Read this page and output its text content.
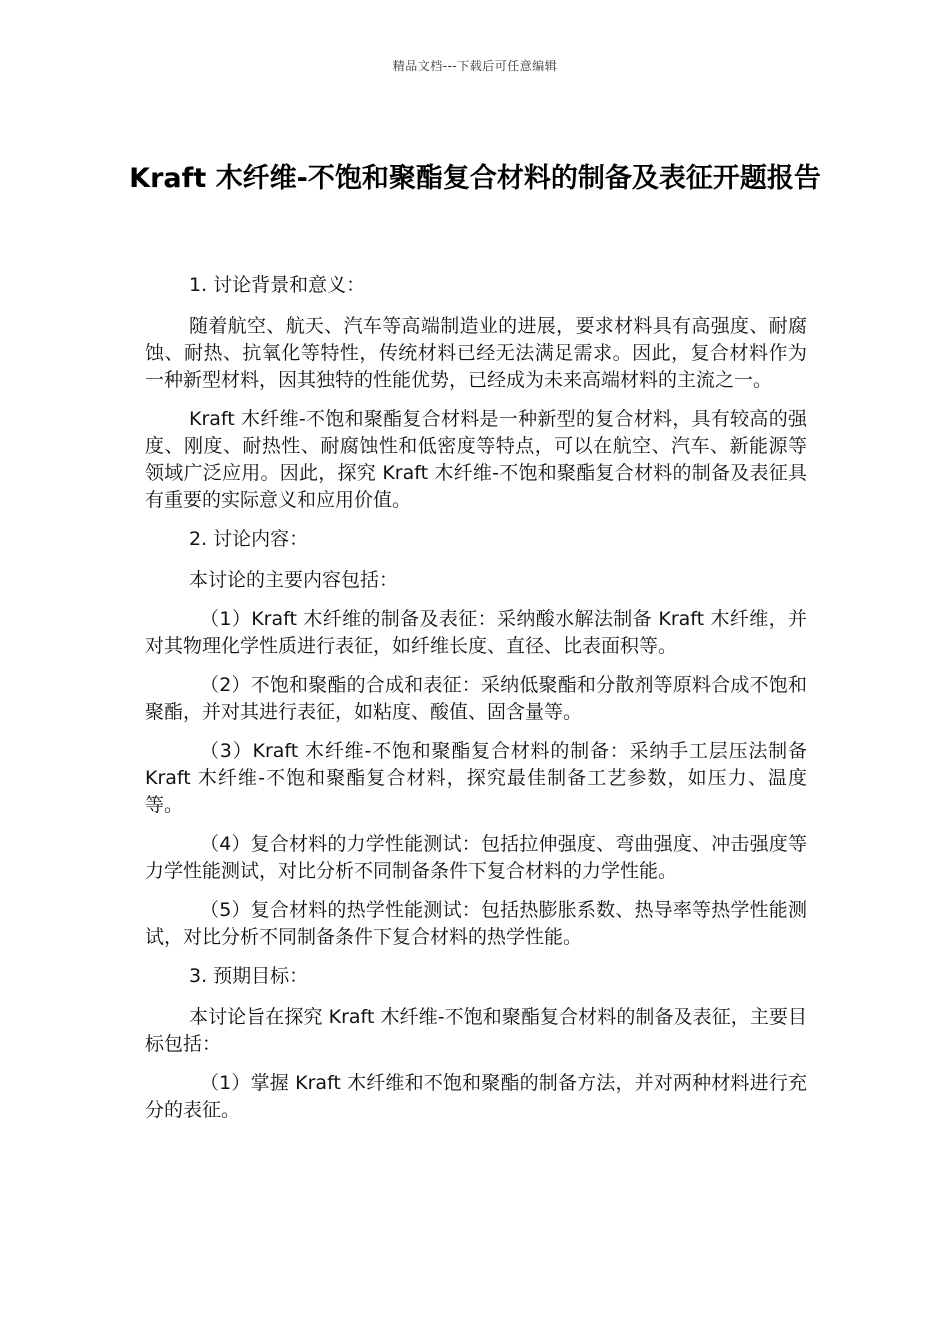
精品文档---下载后可任意编辑
Kraft 木纤维-不饱和聚酯复合材料的制备及表征开题报告

1. 讨论背景和意义：

随着航空、航天、汽车等高端制造业的进展，要求材料具有高强度、耐腐蚀、耐热、抗氧化等特性，传统材料已经无法满足需求。因此，复合材料作为一种新型材料，因其独特的性能优势，已经成为未来高端材料的主流之一。

Kraft 木纤维-不饱和聚酯复合材料是一种新型的复合材料，具有较高的强度、刚度、耐热性、耐腐蚀性和低密度等特点，可以在航空、汽车、新能源等领域广泛应用。因此，探究 Kraft 木纤维-不饱和聚酯复合材料的制备及表征具有重要的实际意义和应用价值。

2. 讨论内容：

本讨论的主要内容包括：

（1）Kraft 木纤维的制备及表征：采纳酸水解法制备 Kraft 木纤维，并对其物理化学性质进行表征，如纤维长度、直径、比表面积等。

（2）不饱和聚酯的合成和表征：采纳低聚酯和分散剂等原料合成不饱和聚酯，并对其进行表征，如粘度、酸值、固含量等。

（3）Kraft 木纤维-不饱和聚酯复合材料的制备：采纳手工层压法制备 Kraft 木纤维-不饱和聚酯复合材料，探究最佳制备工艺参数，如压力、温度等。

（4）复合材料的力学性能测试：包括拉伸强度、弯曲强度、冲击强度等力学性能测试，对比分析不同制备条件下复合材料的力学性能。

（5）复合材料的热学性能测试：包括热膨胀系数、热导率等热学性能测试，对比分析不同制备条件下复合材料的热学性能。

3. 预期目标：

本讨论旨在探究 Kraft 木纤维-不饱和聚酯复合材料的制备及表征，主要目标包括：

（1）掌握 Kraft 木纤维和不饱和聚酯的制备方法，并对两种材料进行充分的表征。
